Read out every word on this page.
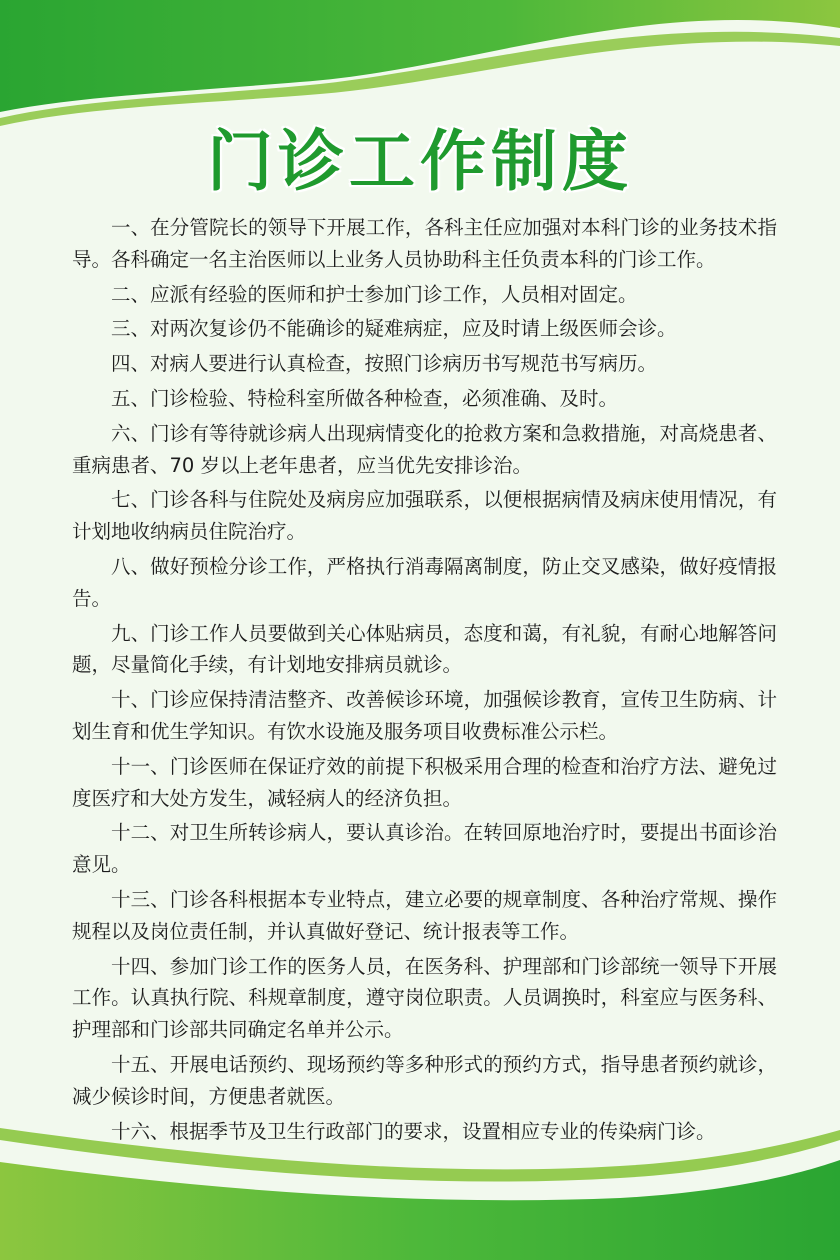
门诊工作制度

一、在分管院长的领导下开展工作，各科主任应加强对本科门诊的业务技术指导。各科确定一名主治医师以上业务人员协助科主任负责本科的门诊工作。

二、应派有经验的医师和护士参加门诊工作，人员相对固定。

三、对两次复诊仍不能确诊的疑难病症，应及时请上级医师会诊。

四、对病人要进行认真检查，按照门诊病历书写规范书写病历。

五、门诊检验、特检科室所做各种检查，必须准确、及时。

六、门诊有等待就诊病人出现病情变化的抢救方案和急救措施，对高烧患者、重病患者、70 岁以上老年患者，应当优先安排诊治。

七、门诊各科与住院处及病房应加强联系，以便根据病情及病床使用情况，有计划地收纳病员住院治疗。

八、做好预检分诊工作，严格执行消毒隔离制度，防止交叉感染，做好疫情报告。

九、门诊工作人员要做到关心体贴病员，态度和蔼，有礼貌，有耐心地解答问题，尽量简化手续，有计划地安排病员就诊。

十、门诊应保持清洁整齐、改善候诊环境，加强候诊教育，宣传卫生防病、计划生育和优生学知识。有饮水设施及服务项目收费标准公示栏。

十一、门诊医师在保证疗效的前提下积极采用合理的检查和治疗方法、避免过度医疗和大处方发生，减轻病人的经济负担。

十二、对卫生所转诊病人，要认真诊治。在转回原地治疗时，要提出书面诊治意见。

十三、门诊各科根据本专业特点，建立必要的规章制度、各种治疗常规、操作规程以及岗位责任制，并认真做好登记、统计报表等工作。

十四、参加门诊工作的医务人员，在医务科、护理部和门诊部统一领导下开展工作。认真执行院、科规章制度，遵守岗位职责。人员调换时，科室应与医务科、护理部和门诊部共同确定名单并公示。

十五、开展电话预约、现场预约等多种形式的预约方式，指导患者预约就诊，减少候诊时间，方便患者就医。

十六、根据季节及卫生行政部门的要求，设置相应专业的传染病门诊。
